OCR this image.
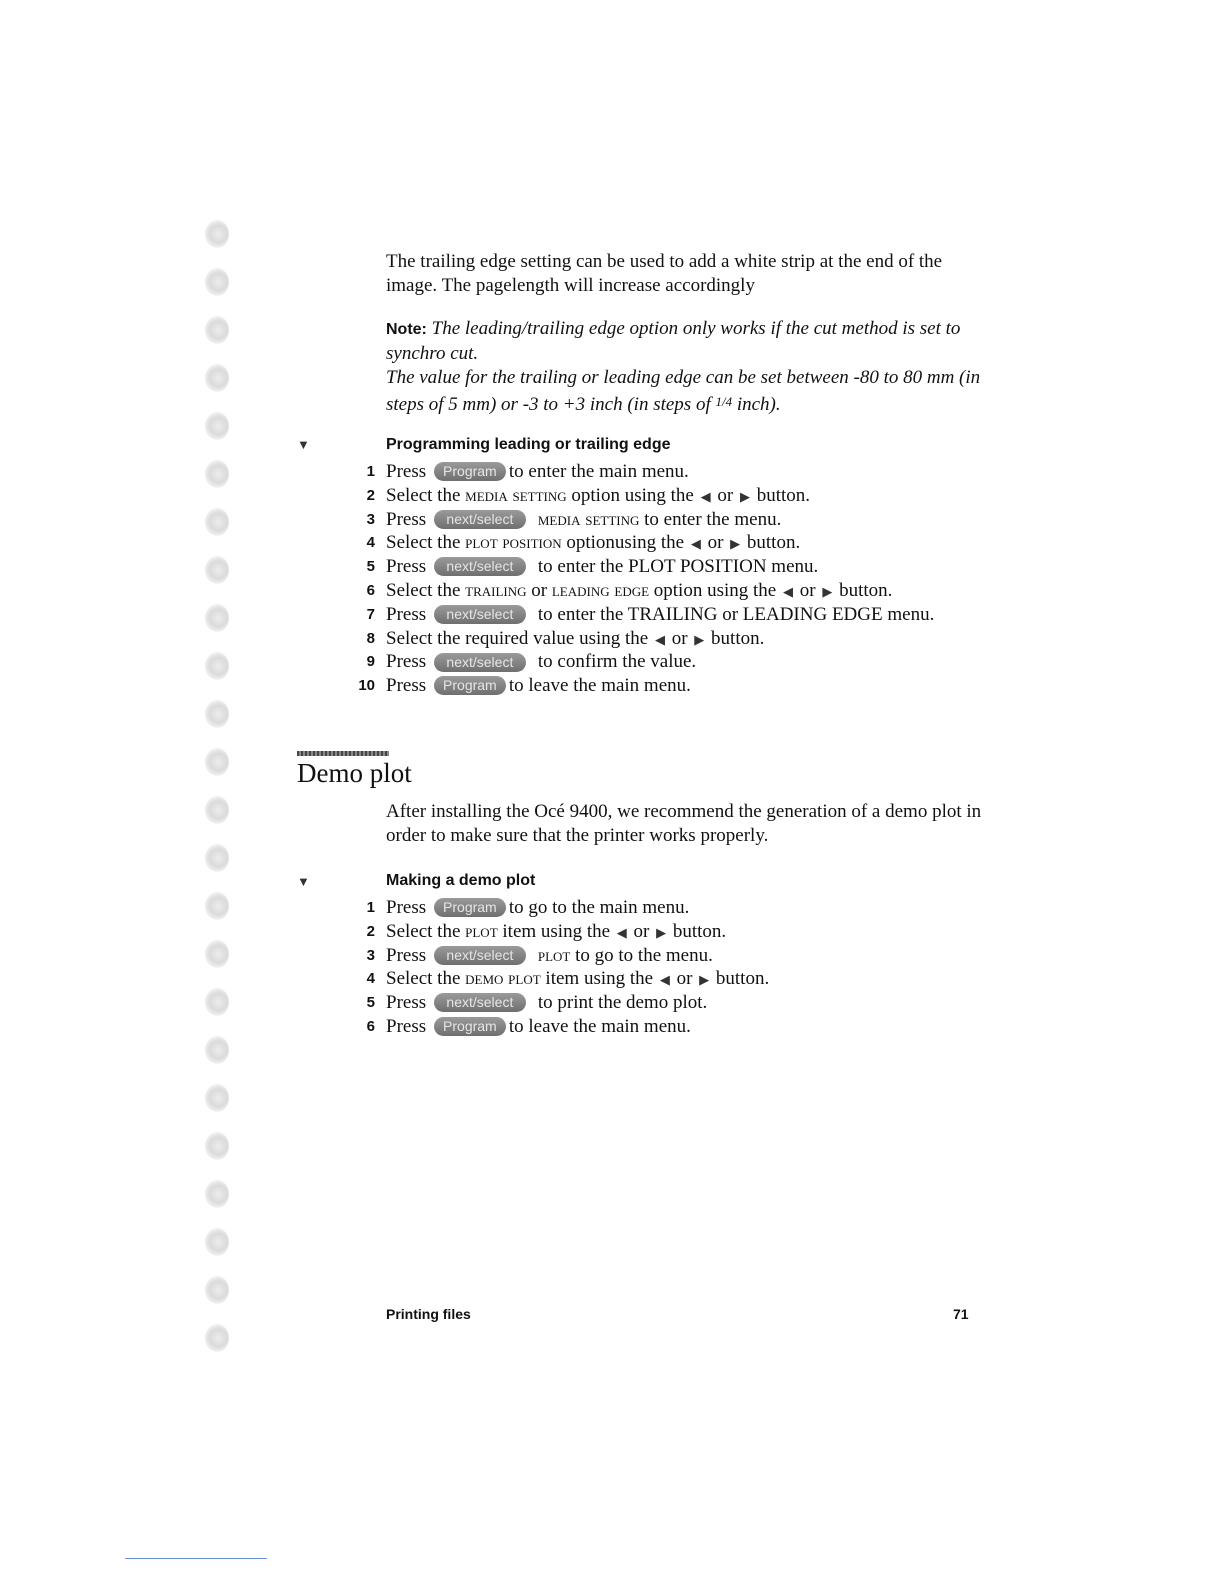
The trailing edge setting can be used to add a white strip at the end of the image. The pagelength will increase accordingly
Note: The leading/trailing edge option only works if the cut method is set to synchro cut.
The value for the trailing or leading edge can be set between -80 to 80 mm (in steps of 5 mm) or -3 to +3 inch (in steps of $^{1/4}$ inch).
▼	Programming leading or trailing edge
1 Press Program to enter the main menu.
2 Select the media setting option using the ◀ or ▶ button.
3 Press next/select media setting to enter the menu.
4 Select the plot position optionusing the ◀ or ▶ button.
5 Press next/select to enter the PLOT POSITION menu.
6 Select the trailing or leading edge option using the ◀ or ▶ button.
7 Press next/select to enter the TRAILING or LEADING EDGE menu.
8 Select the required value using the ◀ or ▶ button.
9 Press next/select to confirm the value.
10 Press Program to leave the main menu.
Demo plot
After installing the Océ 9400, we recommend the generation of a demo plot in order to make sure that the printer works properly.
▼	Making a demo plot
1 Press Program to go to the main menu.
2 Select the plot item using the ◀ or ▶ button.
3 Press next/select plot to go to the menu.
4 Select the demo plot item using the ◀ or ▶ button.
5 Press next/select to print the demo plot.
6 Press Program to leave the main menu.
Printing files	71
